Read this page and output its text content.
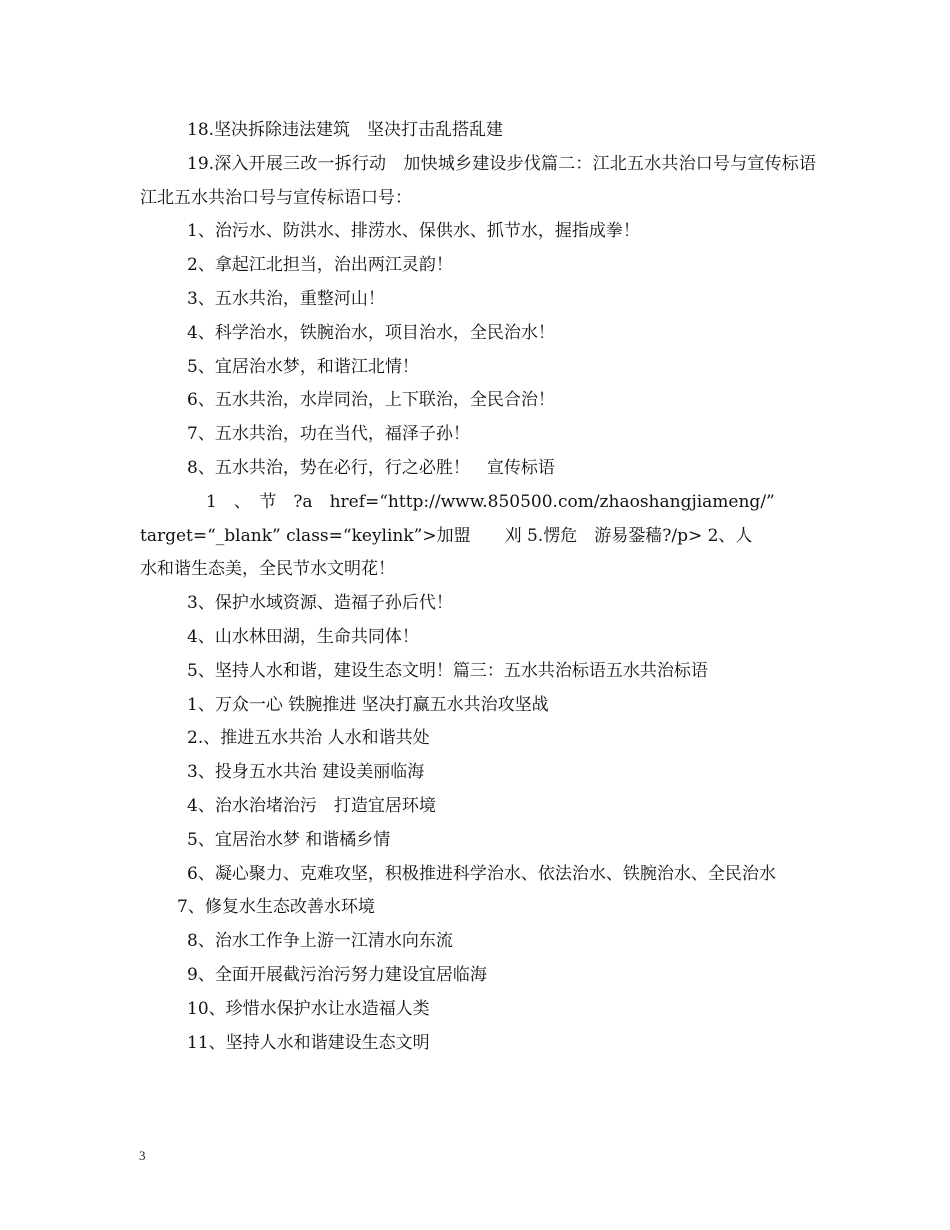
18.坚决拆除违法建筑　坚决打击乱搭乱建

19.深入开展三改一拆行动　加快城乡建设步伐篇二：江北五水共治口号与宣传标语江北五水共治口号与宣传标语口号：

1、治污水、防洪水、排涝水、保供水、抓节水，握指成拳！

2、拿起江北担当，治出两江灵韵！

3、五水共治，重整河山！

4、科学治水，铁腕治水，项目治水，全民治水！

5、宜居治水梦，和谐江北情！

6、五水共治，水岸同治，上下联治，全民合治！

7、五水共治，功在当代，福泽子孙！

8、五水共治，势在必行，行之必胜！　宣传标语

1　、　节　?a　href=“http://www.850500.com/zhaoshangjiameng/”

target=“_blank” class=“keylink”>加盟　　刈 5.愣危　游易銎穑?/p> 2、人

水和谐生态美，全民节水文明花！

3、保护水域资源、造福子孙后代！

4、山水林田湖，生命共同体！

5、坚持人水和谐，建设生态文明！篇三：五水共治标语五水共治标语

1、万众一心 铁腕推进 坚决打赢五水共治攻坚战

2.、推进五水共治 人水和谐共处

3、投身五水共治 建设美丽临海

4、治水治堵治污　打造宜居环境

5、宜居治水梦 和谐橘乡情

6、凝心聚力、克难攻坚，积极推进科学治水、依法治水、铁腕治水、全民治水

7、修复水生态改善水环境

8、治水工作争上游一江清水向东流

9、全面开展截污治污努力建设宜居临海

10、珍惜水保护水让水造福人类

11、坚持人水和谐建设生态文明

3
